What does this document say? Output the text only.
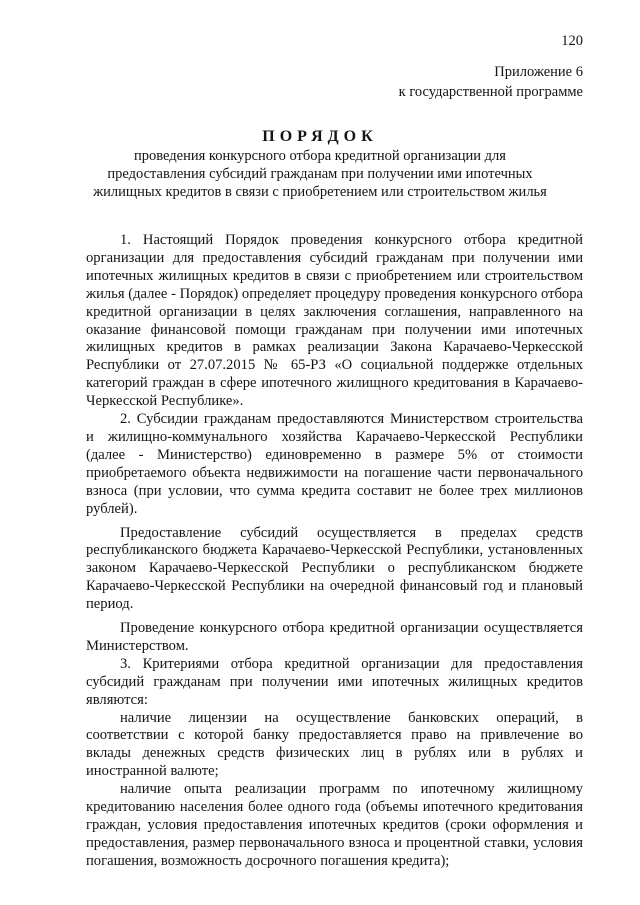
120
Приложение 6
к государственной программе
ПОРЯДОК
проведения конкурсного отбора кредитной организации для
предоставления субсидий гражданам при получении ими ипотечных
жилищных кредитов в связи с приобретением или строительством жилья

1. Настоящий Порядок проведения конкурсного отбора кредитной организации для предоставления субсидий гражданам при получении ими ипотечных жилищных кредитов в связи с приобретением или строительством жилья (далее - Порядок) определяет процедуру проведения конкурсного отбора кредитной организации в целях заключения соглашения, направленного на оказание финансовой помощи гражданам при получении ими ипотечных жилищных кредитов в рамках реализации Закона Карачаево-Черкесской Республики от 27.07.2015 № 65-РЗ «О социальной поддержке отдельных категорий граждан в сфере ипотечного жилищного кредитования в Карачаево-Черкесской Республике».

2. Субсидии гражданам предоставляются Министерством строительства и жилищно-коммунального хозяйства Карачаево-Черкесской Республики (далее - Министерство) единовременно в размере 5% от стоимости приобретаемого объекта недвижимости на погашение части первоначального взноса (при условии, что сумма кредита составит не более трех миллионов рублей).

Предоставление субсидий осуществляется в пределах средств республиканского бюджета Карачаево-Черкесской Республики, установленных законом Карачаево-Черкесской Республики о республиканском бюджете Карачаево-Черкесской Республики на очередной финансовый год и плановый период.

Проведение конкурсного отбора кредитной организации осуществляется Министерством.

3. Критериями отбора кредитной организации для предоставления субсидий гражданам при получении ими ипотечных жилищных кредитов являются:

наличие лицензии на осуществление банковских операций, в соответствии с которой банку предоставляется право на привлечение во вклады денежных средств физических лиц в рублях или в рублях и иностранной валюте;

наличие опыта реализации программ по ипотечному жилищному кредитованию населения более одного года (объемы ипотечного кредитования граждан, условия предоставления ипотечных кредитов (сроки оформления и предоставления, размер первоначального взноса и процентной ставки, условия погашения, возможность досрочного погашения кредита);
